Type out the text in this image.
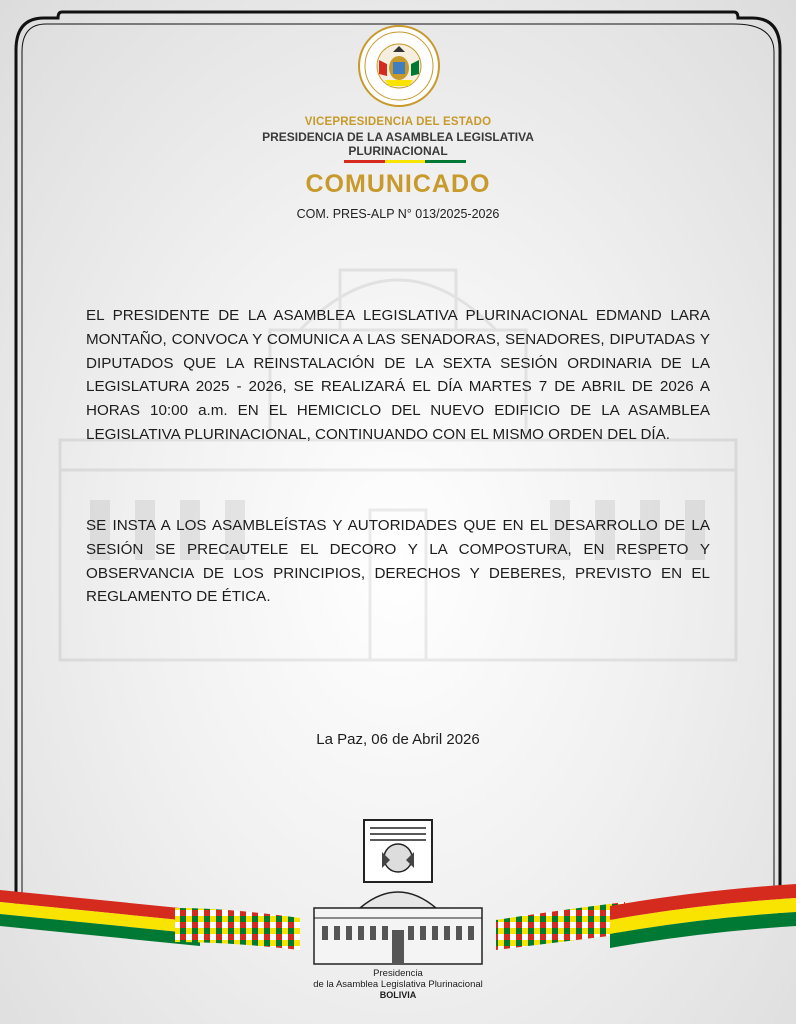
VICEPRESIDENCIA DEL ESTADO
PRESIDENCIA DE LA ASAMBLEA LEGISLATIVA
PLURINACIONAL
COMUNICADO
COM. PRES-ALP N° 013/2025-2026

EL PRESIDENTE DE LA ASAMBLEA LEGISLATIVA PLURINACIONAL EDMAND LARA MONTAÑO, CONVOCA Y COMUNICA A LAS SENADORAS, SENADORES, DIPUTADAS Y DIPUTADOS QUE LA REINSTALACIÓN DE LA SEXTA SESIÓN ORDINARIA DE LA LEGISLATURA 2025 - 2026, SE REALIZARÁ EL DÍA MARTES 7 DE ABRIL DE 2026 A HORAS 10:00 a.m. EN EL HEMICICLO DEL NUEVO EDIFICIO DE LA ASAMBLEA LEGISLATIVA PLURINACIONAL, CONTINUANDO CON EL MISMO ORDEN DEL DÍA.

SE INSTA A LOS ASAMBLEÍSTAS Y AUTORIDADES QUE EN EL DESARROLLO DE LA SESIÓN SE PRECAUTELE EL DECORO Y LA COMPOSTURA, EN RESPETO Y OBSERVANCIA DE LOS PRINCIPIOS, DERECHOS Y DEBERES, PREVISTO EN EL REGLAMENTO DE ÉTICA.

La Paz, 06 de Abril 2026
Presidencia
de la Asamblea Legislativa Plurinacional
BOLIVIA
